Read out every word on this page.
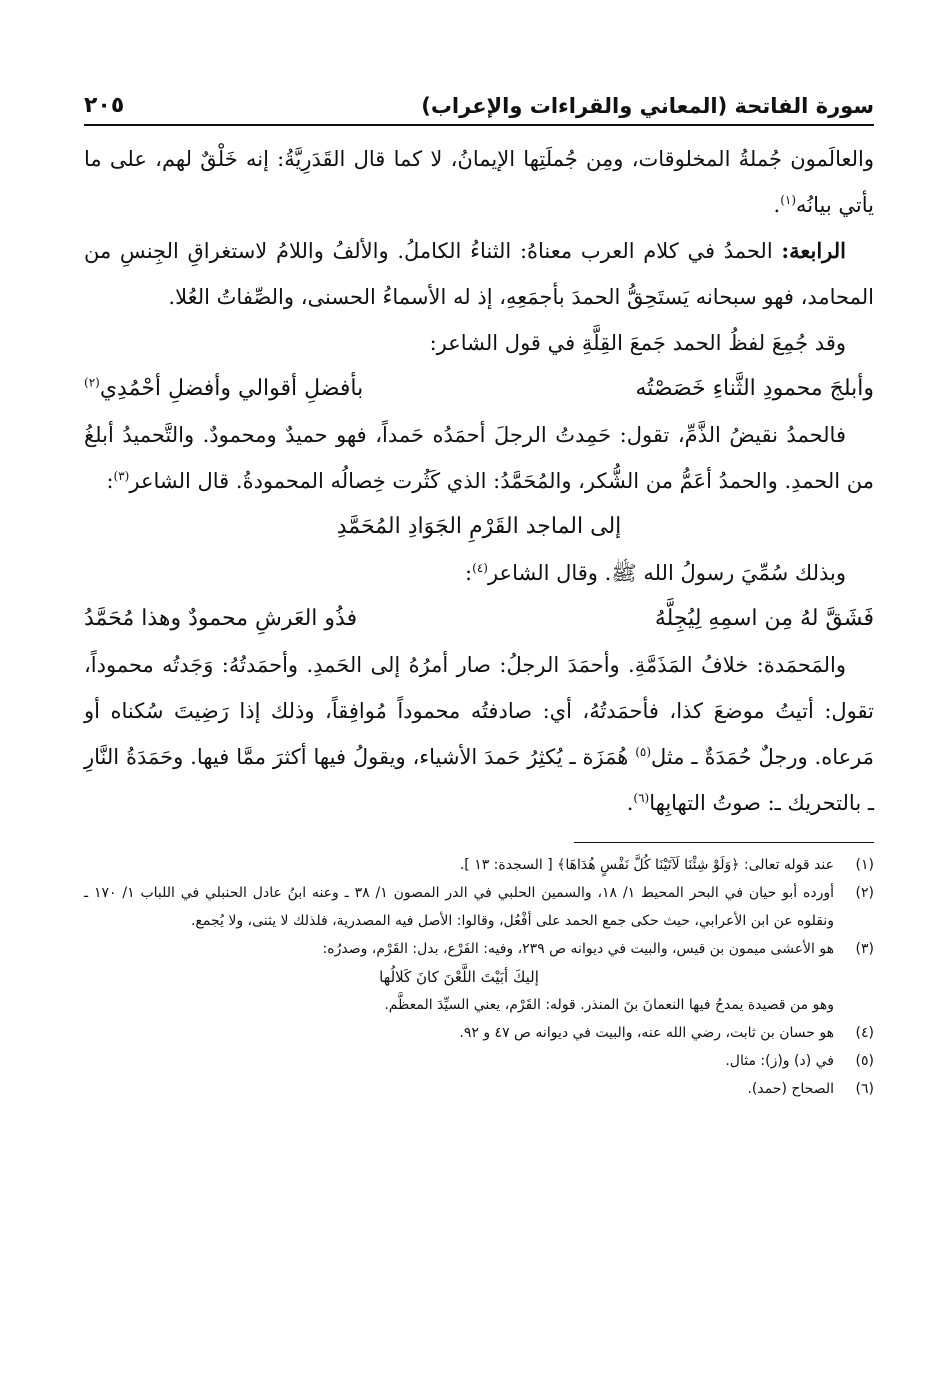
سورة الفاتحة (المعاني والقراءات والإعراب)
٢٠٥

والعالَمون جُملةُ المخلوقات، ومِن جُملَتِها الإيمانُ، لا كما قال القَدَرِيَّةُ: إنه خَلْقٌ لهم، على ما يأتي بيانُه$^{(١)}$.

الرابعة: الحمدُ في كلام العرب معناهُ: الثناءُ الكاملُ. والألفُ واللامُ لاستغراقِ الجِنسِ من المحامد، فهو سبحانه يَستَحِقُّ الحمدَ بأجمَعِهِ، إذ له الأسماءُ الحسنى، والصِّفاتُ العُلا.

وقد جُمِعَ لفظُ الحمد جَمعَ القِلَّةِ في قول الشاعر:

وأبلجَ محمودِ الثَّناءِ خَصَصْتُه
بأفضلِ أقوالي وأفضلِ أحْمُدِي$^{(٢)}$

فالحمدُ نقيضُ الذَّمِّ، تقول: حَمِدتُ الرجلَ أحمَدُه حَمداً، فهو حميدٌ ومحمودٌ. والتَّحميدُ أبلغُ من الحمدِ. والحمدُ أعَمُّ من الشُّكر، والمُحَمَّدُ: الذي كَثُرت خِصالُه المحمودةُ. قال الشاعر$^{(٣)}$:

إلى الماجد القَرْمِ الجَوَادِ المُحَمَّدِ

وبذلك سُمِّيَ رسولُ الله ﷺ. وقال الشاعر$^{(٤)}$:

فَشَقَّ لهُ مِن اسمِهِ لِيُجِلَّهُ
فذُو العَرشِ محمودٌ وهذا مُحَمَّدُ

والمَحمَدة: خلافُ المَذَمَّةِ. وأحمَدَ الرجلُ: صار أمرُهُ إلى الحَمدِ. وأحمَدتُهُ: وَجَدتُه محموداً، تقول: أتيتُ موضعَ كذا، فأحمَدتُهُ، أي: صادفتُه محموداً مُوافِقاً، وذلك إذا رَضِيتَ سُكناه أو مَرعاه. ورجلٌ حُمَدَةٌ ـ مثل$^{(٥)}$ هُمَزَة ـ يُكثِرُ حَمدَ الأشياء، ويقولُ فيها أكثرَ ممَّا فيها. وحَمَدَةُ النَّارِ ـ بالتحريك ـ: صوتُ التهابِها$^{(٦)}$.

(١)
عند قوله تعالى: ﴿وَلَوْ شِئْنَا لَآتَيْنَا كُلَّ نَفْسٍ هُدَاهَا﴾ [ السجدة: ١٣ ].
(٢)
أورده أبو حيان في البحر المحيط ١/ ١٨، والسمين الحلبي في الدر المصون ١/ ٣٨ ـ وعنه ابنُ عادل الحنبلي في اللباب ١/ ١٧٠ ـ ونقلوه عن ابن الأعرابي، حيث حكى جمع الحمد على أفْعُل، وقالوا: الأصل فيه المصدرية، فلذلك لا يثنى، ولا يُجمع.
(٣)
هو الأعشى ميمون بن قيس، والبيت في ديوانه ص ٢٣٩، وفيه: الفَرْع، بدل: القَرْم، وصدرُه:
إليكَ أبَيْتَ اللَّعْنَ كانَ كَلالُها
وهو من قصيدة يمدحُ فيها النعمانَ بنَ المنذر. قوله: القَرْم، يعني السيِّدَ المعظَّم.
(٤)
هو حسان بن ثابت، رضي الله عنه، والبيت في ديوانه ص ٤٧ و ٩٢.
(٥)
في (د) و(ز): مثال.
(٦)
الصحاح (حمد).
